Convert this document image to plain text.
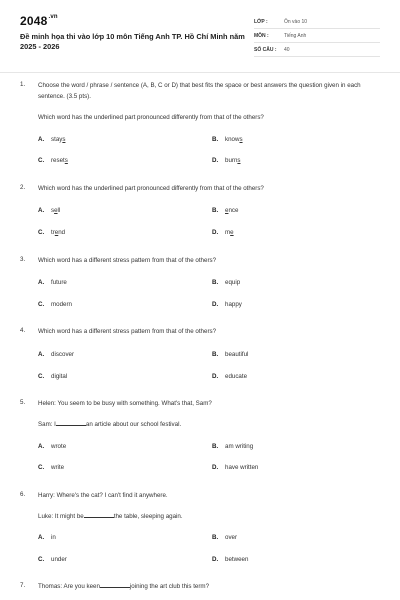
$2048^{.vn}$
Đề minh họa thi vào lớp 10 môn Tiếng Anh TP. Hồ Chí Minh năm 2025 - 2026
LỚP :	Ôn vào 10
MÔN :	Tiếng Anh
SỐ CÂU :	40
1.	Choose the word / phrase / sentence (A, B, C or D) that best fits the space or best answers the question given in each sentence. (3.5 pts).
Which word has the underlined part pronounced differently from that of the others?
A. stays	B. knows
C. resets	D. burns
2.	Which word has the underlined part pronounced differently from that of the others?
A. sell	B. ence
C. trend	D. me
3.	Which word has a different stress pattern from that of the others?
A. future	B. equip
C. modern	D. happy
4.	Which word has a different stress pattern from that of the others?
A. discover	B. beautiful
C. digital	D. educate
5.	Helen: You seem to be busy with something. What's that, Sam?
Sam: I	an article about our school festival.
A. wrote	B. am writing
C. write	D. have written
6.	Harry: Where's the cat? I can't find it anywhere.
Luke: It might be	the table, sleeping again.
A. in	B. over
C. under	D. between
7.	Thomas: Are you keen	joining the art club this term?
